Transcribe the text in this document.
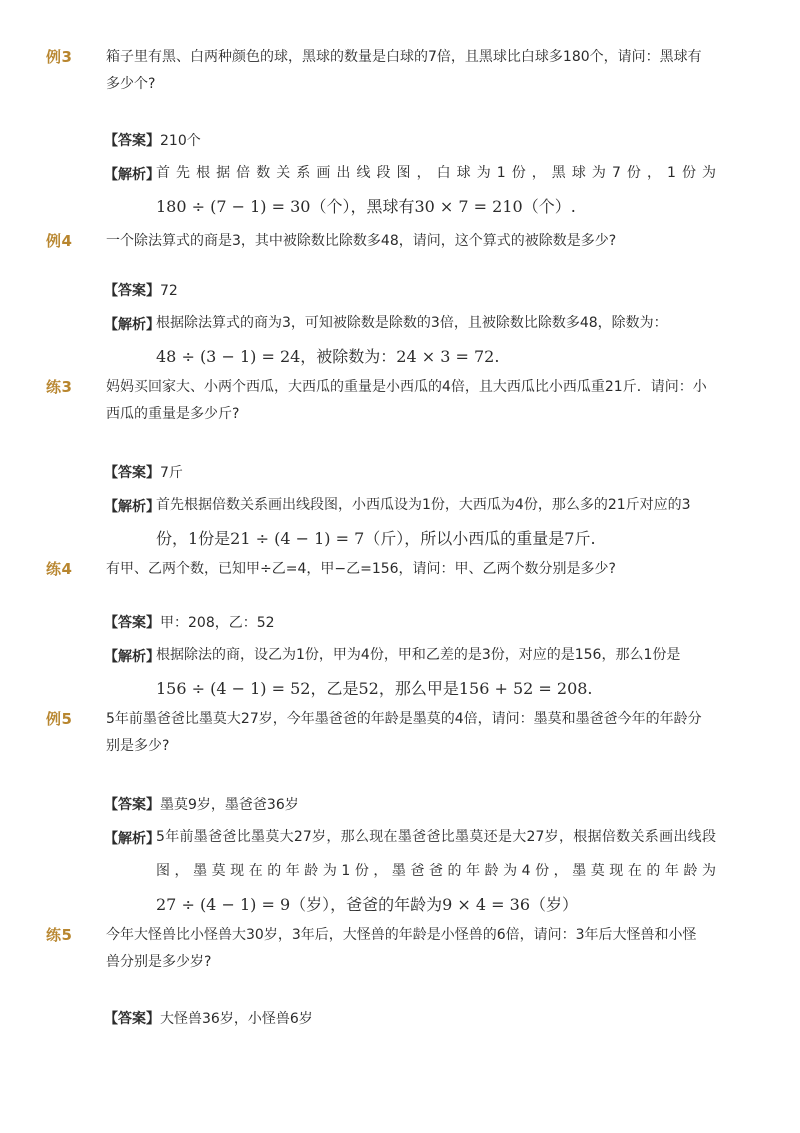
例3 箱子里有黑、白两种颜色的球，黑球的数量是白球的7倍，且黑球比白球多180个，请问：黑球有
多少个?
【答案】210个
【解析】
首先根据倍数关系画出线段图，白球为1份，黑球为7份，1份为
180 ÷ (7 − 1) = 30（个），黑球有30 × 7 = 210（个）.
例4 一个除法算式的商是3，其中被除数比除数多48，请问，这个算式的被除数是多少?
【答案】72
【解析】
根据除法算式的商为3，可知被除数是除数的3倍，且被除数比除数多48，除数为：
48 ÷ (3 − 1) = 24，被除数为：24 × 3 = 72.
练3 妈妈买回家大、小两个西瓜，大西瓜的重量是小西瓜的4倍，且大西瓜比小西瓜重21斤．请问：小
西瓜的重量是多少斤?
【答案】7斤
【解析】
首先根据倍数关系画出线段图，小西瓜设为1份，大西瓜为4份，那么多的21斤对应的3
份，1份是21 ÷ (4 − 1) = 7（斤），所以小西瓜的重量是7斤.
练4 有甲、乙两个数，已知甲÷乙=4，甲−乙=156，请问：甲、乙两个数分别是多少?
【答案】甲：208，乙：52
【解析】
根据除法的商，设乙为1份，甲为4份，甲和乙差的是3份，对应的是156，那么1份是
156 ÷ (4 − 1) = 52，乙是52，那么甲是156 + 52 = 208.
例5 5年前墨爸爸比墨莫大27岁，今年墨爸爸的年龄是墨莫的4倍，请问：墨莫和墨爸爸今年的年龄分
别是多少?
【答案】墨莫9岁，墨爸爸36岁
【解析】
5年前墨爸爸比墨莫大27岁，那么现在墨爸爸比墨莫还是大27岁，根据倍数关系画出线段
图，墨莫现在的年龄为1份，墨爸爸的年龄为4份，墨莫现在的年龄为
27 ÷ (4 − 1) = 9（岁），爸爸的年龄为9 × 4 = 36（岁）
练5 今年大怪兽比小怪兽大30岁，3年后，大怪兽的年龄是小怪兽的6倍，请问：3年后大怪兽和小怪
兽分别是多少岁?
【答案】大怪兽36岁，小怪兽6岁
